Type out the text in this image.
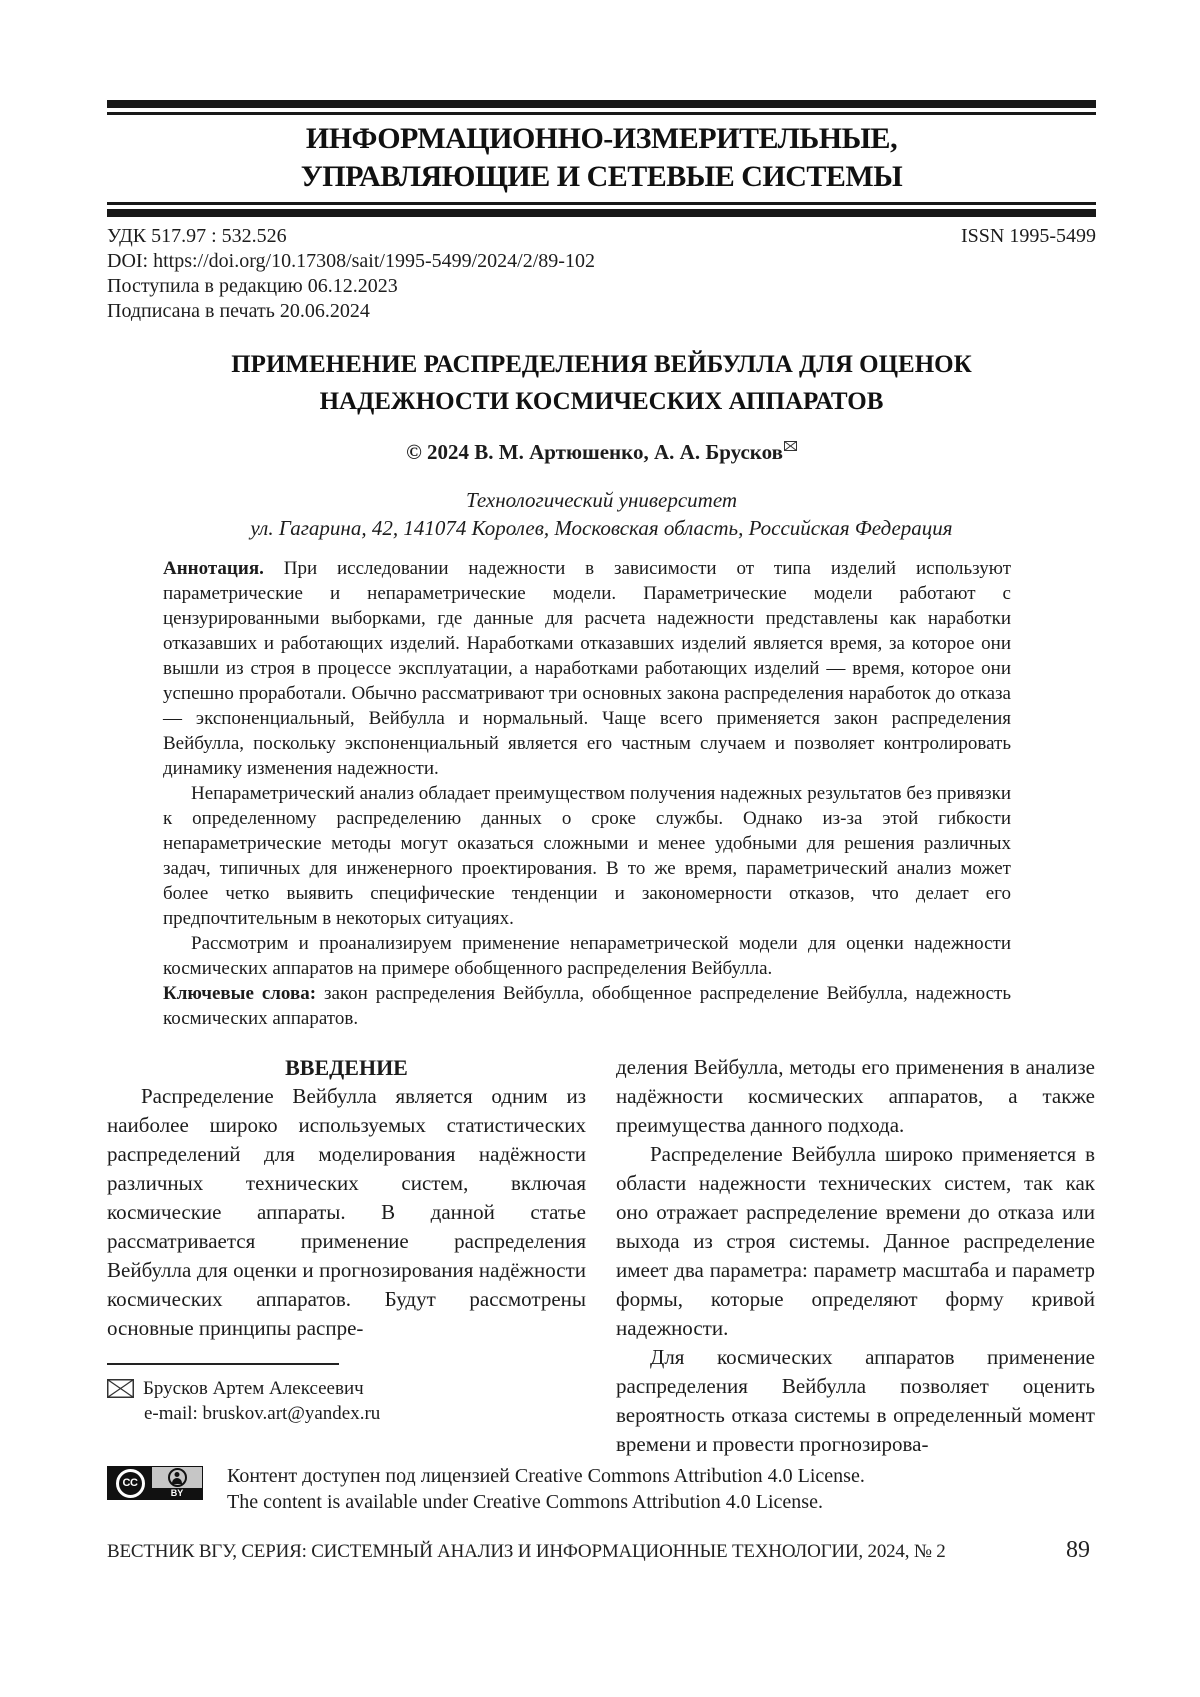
ИНФОРМАЦИОННО-ИЗМЕРИТЕЛЬНЫЕ,
УПРАВЛЯЮЩИЕ И СЕТЕВЫЕ СИСТЕМЫ
УДК 517.97 : 532.526	ISSN 1995-5499
DOI: https://doi.org/10.17308/sait/1995-5499/2024/2/89-102
Поступила в редакцию 06.12.2023
Подписана в печать 20.06.2024
ПРИМЕНЕНИЕ РАСПРЕДЕЛЕНИЯ ВЕЙБУЛЛА ДЛЯ ОЦЕНОК
НАДЕЖНОСТИ КОСМИЧЕСКИХ АППАРАТОВ
© 2024 В. М. Артюшенко, А. А. Брусков
Технологический университет
ул. Гагарина, 42, 141074 Королев, Московская область, Российская Федерация

Аннотация. При исследовании надежности в зависимости от типа изделий используют параметрические и непараметрические модели. Параметрические модели работают с цензурированными выборками, где данные для расчета надежности представлены как наработки отказавших и работающих изделий. Наработками отказавших изделий является время, за которое они вышли из строя в процессе эксплуатации, а наработками работающих изделий — время, которое они успешно проработали. Обычно рассматривают три основных закона распределения наработок до отказа — экспоненциальный, Вейбулла и нормальный. Чаще всего применяется закон распределения Вейбулла, поскольку экспоненциальный является его частным случаем и позволяет контролировать динамику изменения надежности.

Непараметрический анализ обладает преимуществом получения надежных результатов без привязки к определенному распределению данных о сроке службы. Однако из-за этой гибкости непараметрические методы могут оказаться сложными и менее удобными для решения различных задач, типичных для инженерного проектирования. В то же время, параметрический анализ может более четко выявить специфические тенденции и закономерности отказов, что делает его предпочтительным в некоторых ситуациях.

Рассмотрим и проанализируем применение непараметрической модели для оценки надежности космических аппаратов на примере обобщенного распределения Вейбулла.

Ключевые слова: закон распределения Вейбулла, обобщенное распределение Вейбулла, надежность космических аппаратов.

ВВЕДЕНИЕ

Распределение Вейбулла является одним из наиболее широко используемых статистических распределений для моделирования надёжности различных технических систем, включая космические аппараты. В данной статье рассматривается применение распределения Вейбулла для оценки и прогнозирования надёжности космических аппаратов. Будут рассмотрены основные принципы распре-

Брусков Артем Алексеевич
e-mail: bruskov.art@yandex.ru

деления Вейбулла, методы его применения в анализе надёжности космических аппаратов, а также преимущества данного подхода.

Распределение Вейбулла широко применяется в области надежности технических систем, так как оно отражает распределение времени до отказа или выхода из строя системы. Данное распределение имеет два параметра: параметр масштаба и параметр формы, которые определяют форму кривой надежности.

Для космических аппаратов применение распределения Вейбулла позволяет оценить вероятность отказа системы в определенный момент времени и провести прогнозирова-

CC
BY
Контент доступен под лицензией Creative Commons Attribution 4.0 License.
The content is available under Creative Commons Attribution 4.0 License.
ВЕСТНИК ВГУ, СЕРИЯ: СИСТЕМНЫЙ АНАЛИЗ И ИНФОРМАЦИОННЫЕ ТЕХНОЛОГИИ, 2024, № 2	89
